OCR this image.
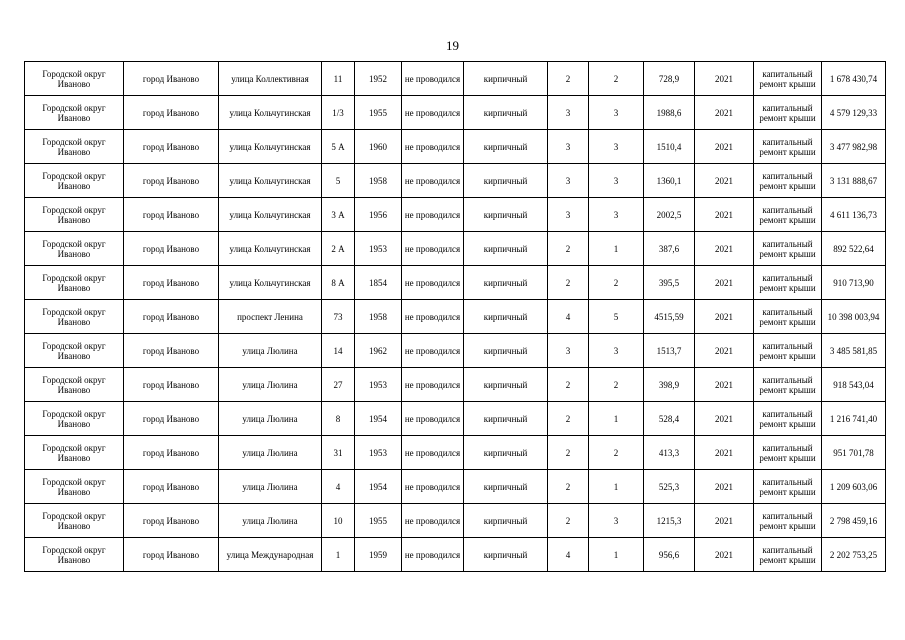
19
Городской округ Иваново	город Иваново	улица Коллективная	11	1952	не проводился	кирпичный	2	2	728,9	2021	капитальный ремонт крыши	1 678 430,74
Городской округ Иваново	город Иваново	улица Кольчугинская	1/3	1955	не проводился	кирпичный	3	3	1988,6	2021	капитальный ремонт крыши	4 579 129,33
Городской округ Иваново	город Иваново	улица Кольчугинская	5 А	1960	не проводился	кирпичный	3	3	1510,4	2021	капитальный ремонт крыши	3 477 982,98
Городской округ Иваново	город Иваново	улица Кольчугинская	5	1958	не проводился	кирпичный	3	3	1360,1	2021	капитальный ремонт крыши	3 131 888,67
Городской округ Иваново	город Иваново	улица Кольчугинская	3 А	1956	не проводился	кирпичный	3	3	2002,5	2021	капитальный ремонт крыши	4 611 136,73
Городской округ Иваново	город Иваново	улица Кольчугинская	2 А	1953	не проводился	кирпичный	2	1	387,6	2021	капитальный ремонт крыши	892 522,64
Городской округ Иваново	город Иваново	улица Кольчугинская	8 А	1854	не проводился	кирпичный	2	2	395,5	2021	капитальный ремонт крыши	910 713,90
Городской округ Иваново	город Иваново	проспект Ленина	73	1958	не проводился	кирпичный	4	5	4515,59	2021	капитальный ремонт крыши	10 398 003,94
Городской округ Иваново	город Иваново	улица Люлина	14	1962	не проводился	кирпичный	3	3	1513,7	2021	капитальный ремонт крыши	3 485 581,85
Городской округ Иваново	город Иваново	улица Люлина	27	1953	не проводился	кирпичный	2	2	398,9	2021	капитальный ремонт крыши	918 543,04
Городской округ Иваново	город Иваново	улица Люлина	8	1954	не проводился	кирпичный	2	1	528,4	2021	капитальный ремонт крыши	1 216 741,40
Городской округ Иваново	город Иваново	улица Люлина	31	1953	не проводился	кирпичный	2	2	413,3	2021	капитальный ремонт крыши	951 701,78
Городской округ Иваново	город Иваново	улица Люлина	4	1954	не проводился	кирпичный	2	1	525,3	2021	капитальный ремонт крыши	1 209 603,06
Городской округ Иваново	город Иваново	улица Люлина	10	1955	не проводился	кирпичный	2	3	1215,3	2021	капитальный ремонт крыши	2 798 459,16
Городской округ Иваново	город Иваново	улица Международная	1	1959	не проводился	кирпичный	4	1	956,6	2021	капитальный ремонт крыши	2 202 753,25
